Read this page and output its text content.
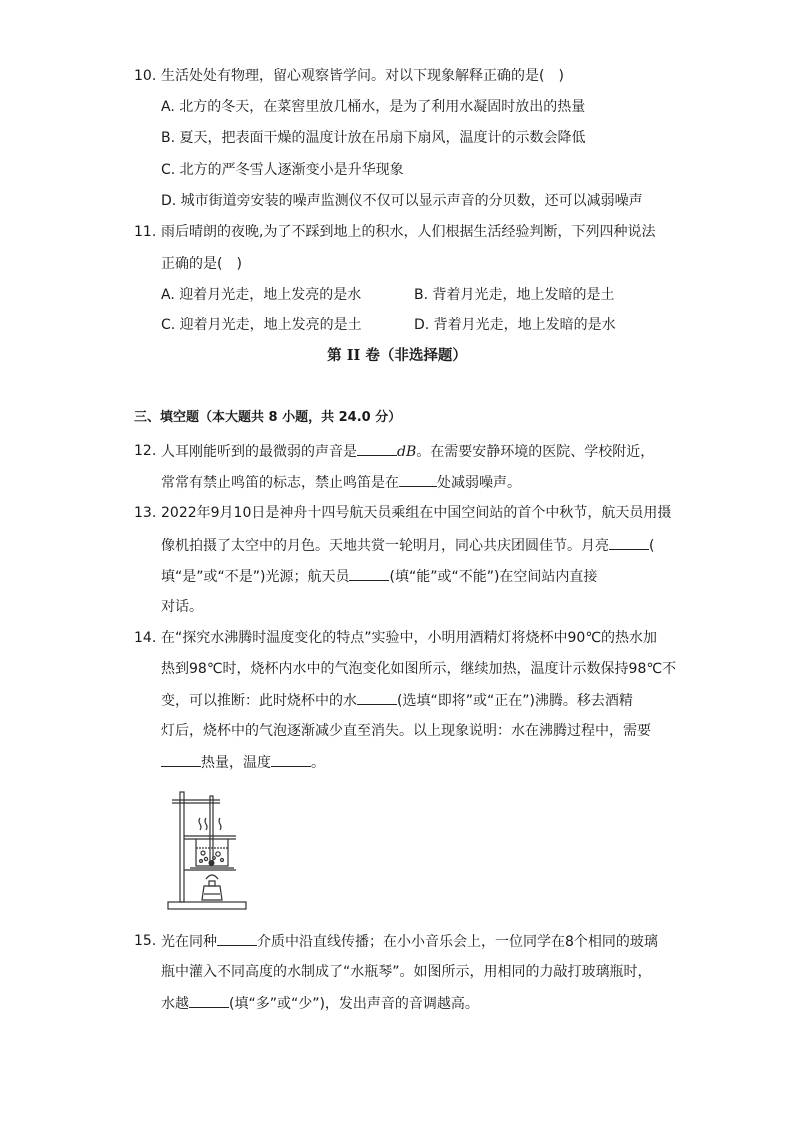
10. 生活处处有物理，留心观察皆学问。对以下现象解释正确的是(　)
A. 北方的冬天，在菜窖里放几桶水，是为了利用水凝固时放出的热量
B. 夏天，把表面干燥的温度计放在吊扇下扇风，温度计的示数会降低
C. 北方的严冬雪人逐渐变小是升华现象
D. 城市街道旁安装的噪声监测仪不仅可以显示声音的分贝数，还可以减弱噪声
11. 雨后晴朗的夜晚,为了不踩到地上的积水，人们根据生活经验判断，下列四种说法
正确的是(　)
A. 迎着月光走，地上发亮的是水	B. 背着月光走，地上发暗的是土
C. 迎着月光走，地上发亮的是土	D. 背着月光走，地上发暗的是水
第 II 卷（非选择题）
三、填空题（本大题共 8 小题，共 24.0 分）
12. 人耳刚能听到的最微弱的声音是	dB。在需要安静环境的医院、学校附近，
常常有禁止鸣笛的标志，禁止鸣笛是在	处减弱噪声。
13. 2022年9月10日是神舟十四号航天员乘组在中国空间站的首个中秋节，航天员用摄
像机拍摄了太空中的月色。天地共赏一轮明月，同心共庆团圆佳节。月亮	(
填“是”或“不是”)光源；航天员	(填“能”或“不能”)在空间站内直接
对话。
14. 在“探究水沸腾时温度变化的特点”实验中，小明用酒精灯将烧杯中90℃的热水加
热到98℃时，烧杯内水中的气泡变化如图所示，继续加热，温度计示数保持98℃不
变，可以推断：此时烧杯中的水	(选填“即将”或“正在”)沸腾。移去酒精
灯后，烧杯中的气泡逐渐减少直至消失。以上现象说明：水在沸腾过程中，需要
热量，温度	。
15. 光在同种	介质中沿直线传播；在小小音乐会上，一位同学在8个相同的玻璃
瓶中灌入不同高度的水制成了“水瓶琴”。如图所示，用相同的力敲打玻璃瓶时，
水越	(填“多”或“少”)，发出声音的音调越高。
